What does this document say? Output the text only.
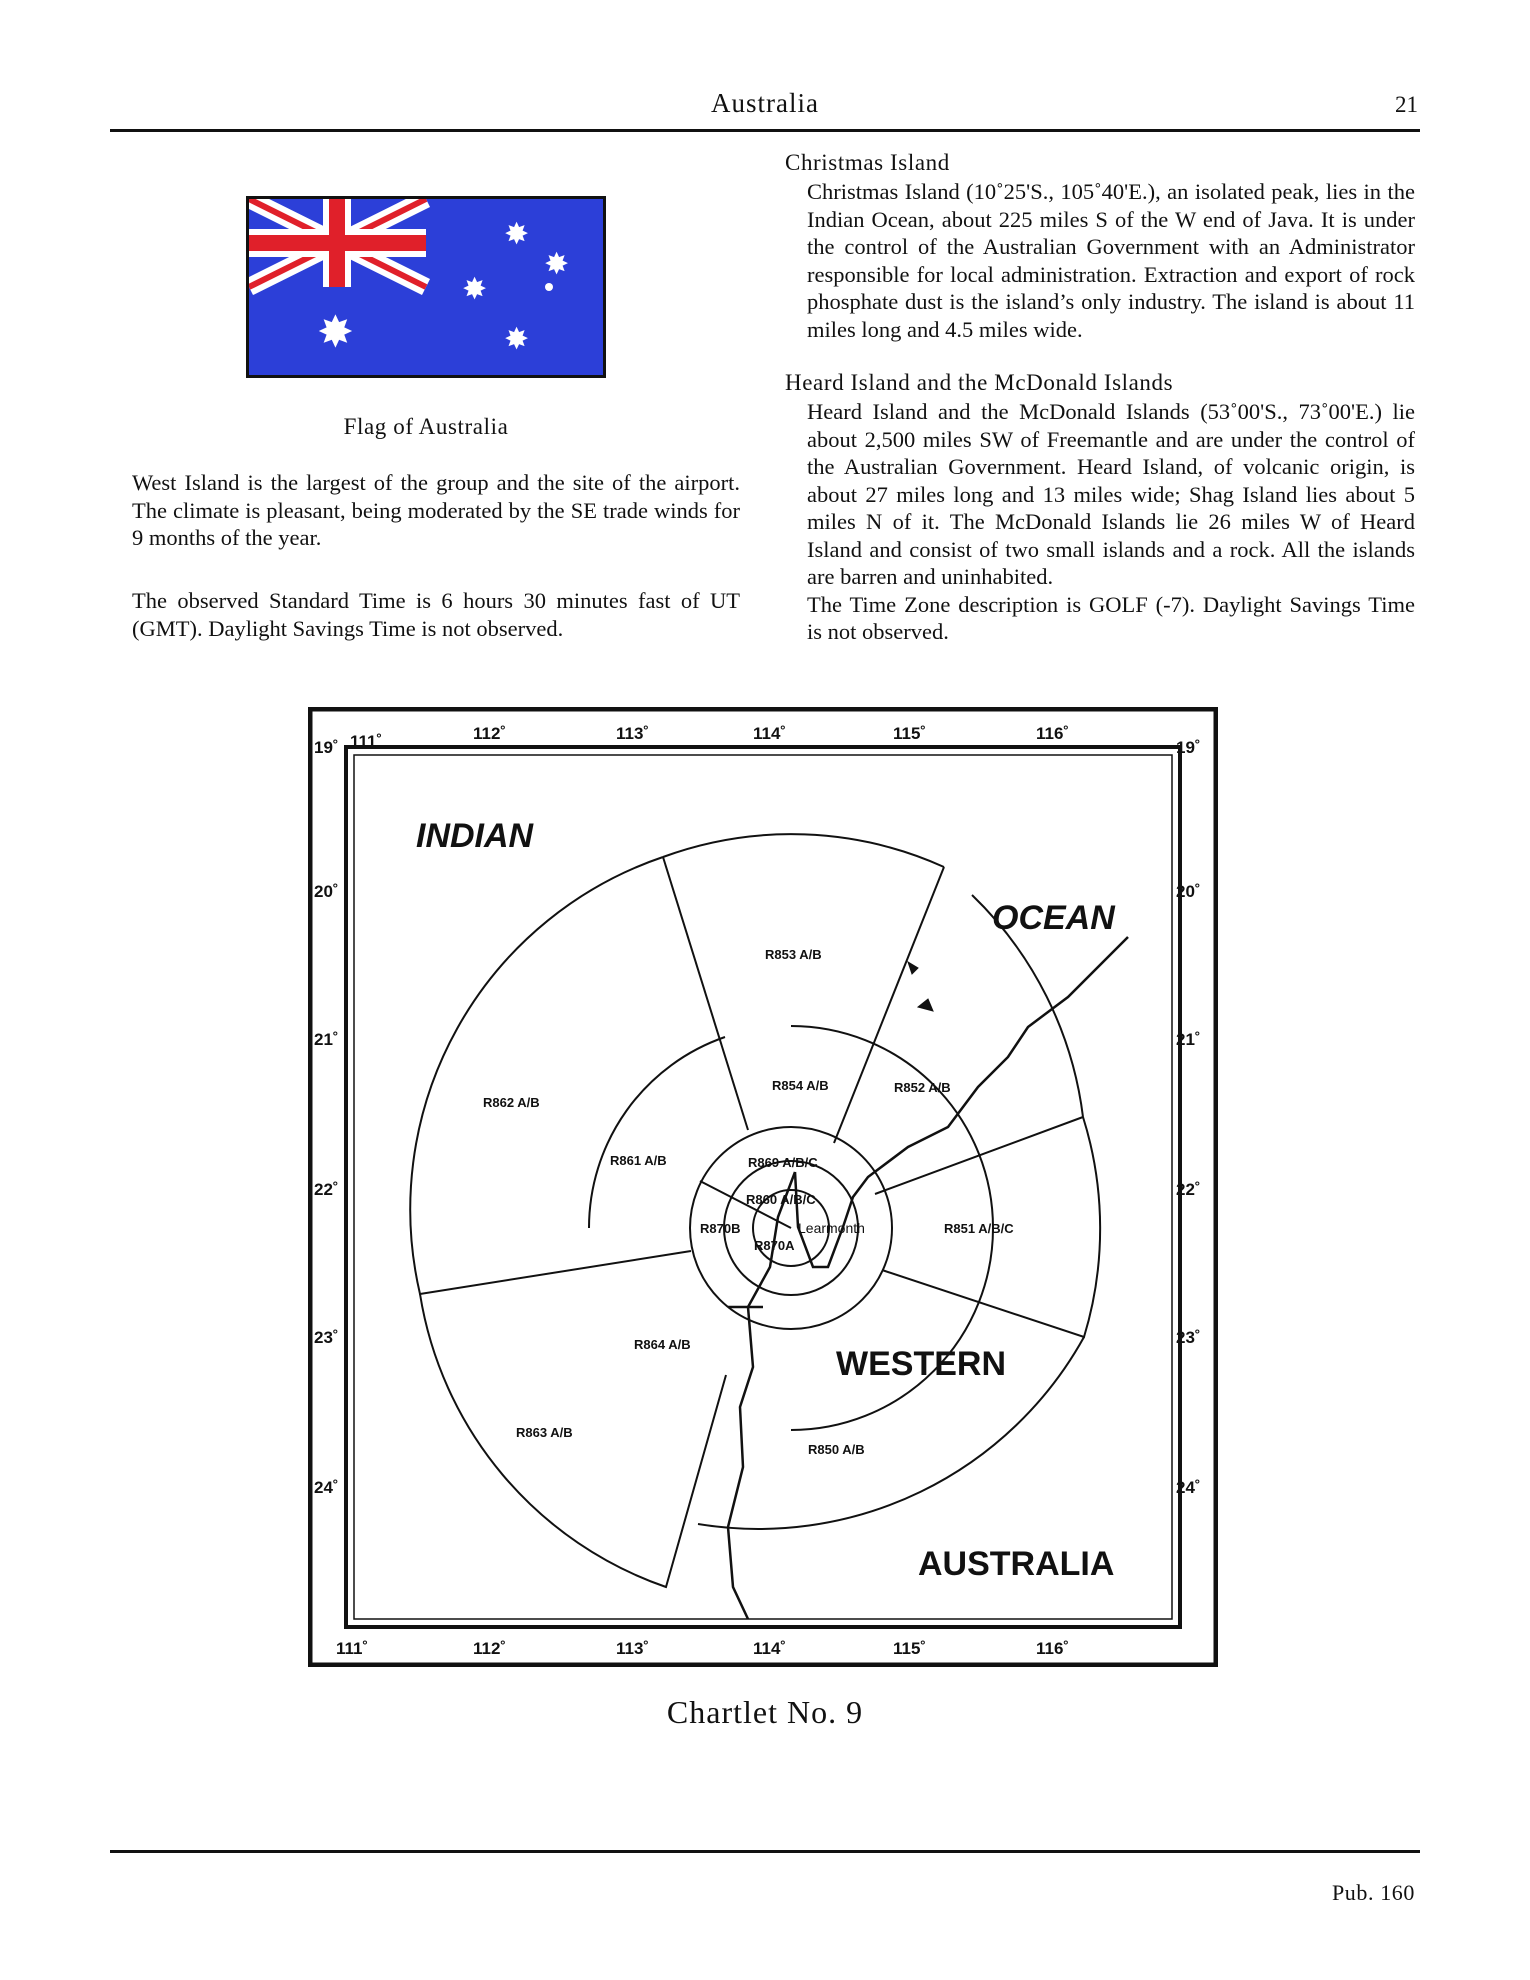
Australia	21
✸
✸
✸
✸
✸
Flag of Australia
West Island is the largest of the group and the site of the airport. The climate is pleasant, being moderated by the SE trade winds for 9 months of the year.
The observed Standard Time is 6 hours 30 minutes fast of UT (GMT). Daylight Savings Time is not observed.
Christmas Island
Christmas Island (10˚25'S., 105˚40'E.), an isolated peak, lies in the Indian Ocean, about 225 miles S of the W end of Java. It is under the control of the Australian Government with an Administrator responsible for local administration. Extraction and export of rock phosphate dust is the island’s only industry. The island is about 11 miles long and 4.5 miles wide.
Heard Island and the McDonald Islands
Heard Island and the McDonald Islands (53˚00'S., 73˚00'E.) lie about 2,500 miles SW of Freemantle and are under the control of the Australian Government. Heard Island, of volcanic origin, is about 27 miles long and 13 miles wide; Shag Island lies about 5 miles N of it. The McDonald Islands lie 26 miles W of Heard Island and consist of two small islands and a rock. All the islands are barren and uninhabited.
The Time Zone description is GOLF (-7). Daylight Savings Time is not observed.
111˚	112˚	113˚	114˚	115˚	116˚
111˚	112˚	113˚	114˚	115˚	116˚
19˚
20˚
21˚
22˚
23˚
24˚
19˚
20˚
21˚
22˚
23˚
24˚
INDIAN
OCEAN
WESTERN
AUSTRALIA
R853 A/B
R854 A/B	R852 A/B
R862 A/B
R861 A/B	R869 A/B/C
R860 A/B/C
R870B
R870A
R851 A/B/C
R864 A/B
R863 A/B
R850 A/B
Learmonth
Chartlet No. 9
Pub. 160
